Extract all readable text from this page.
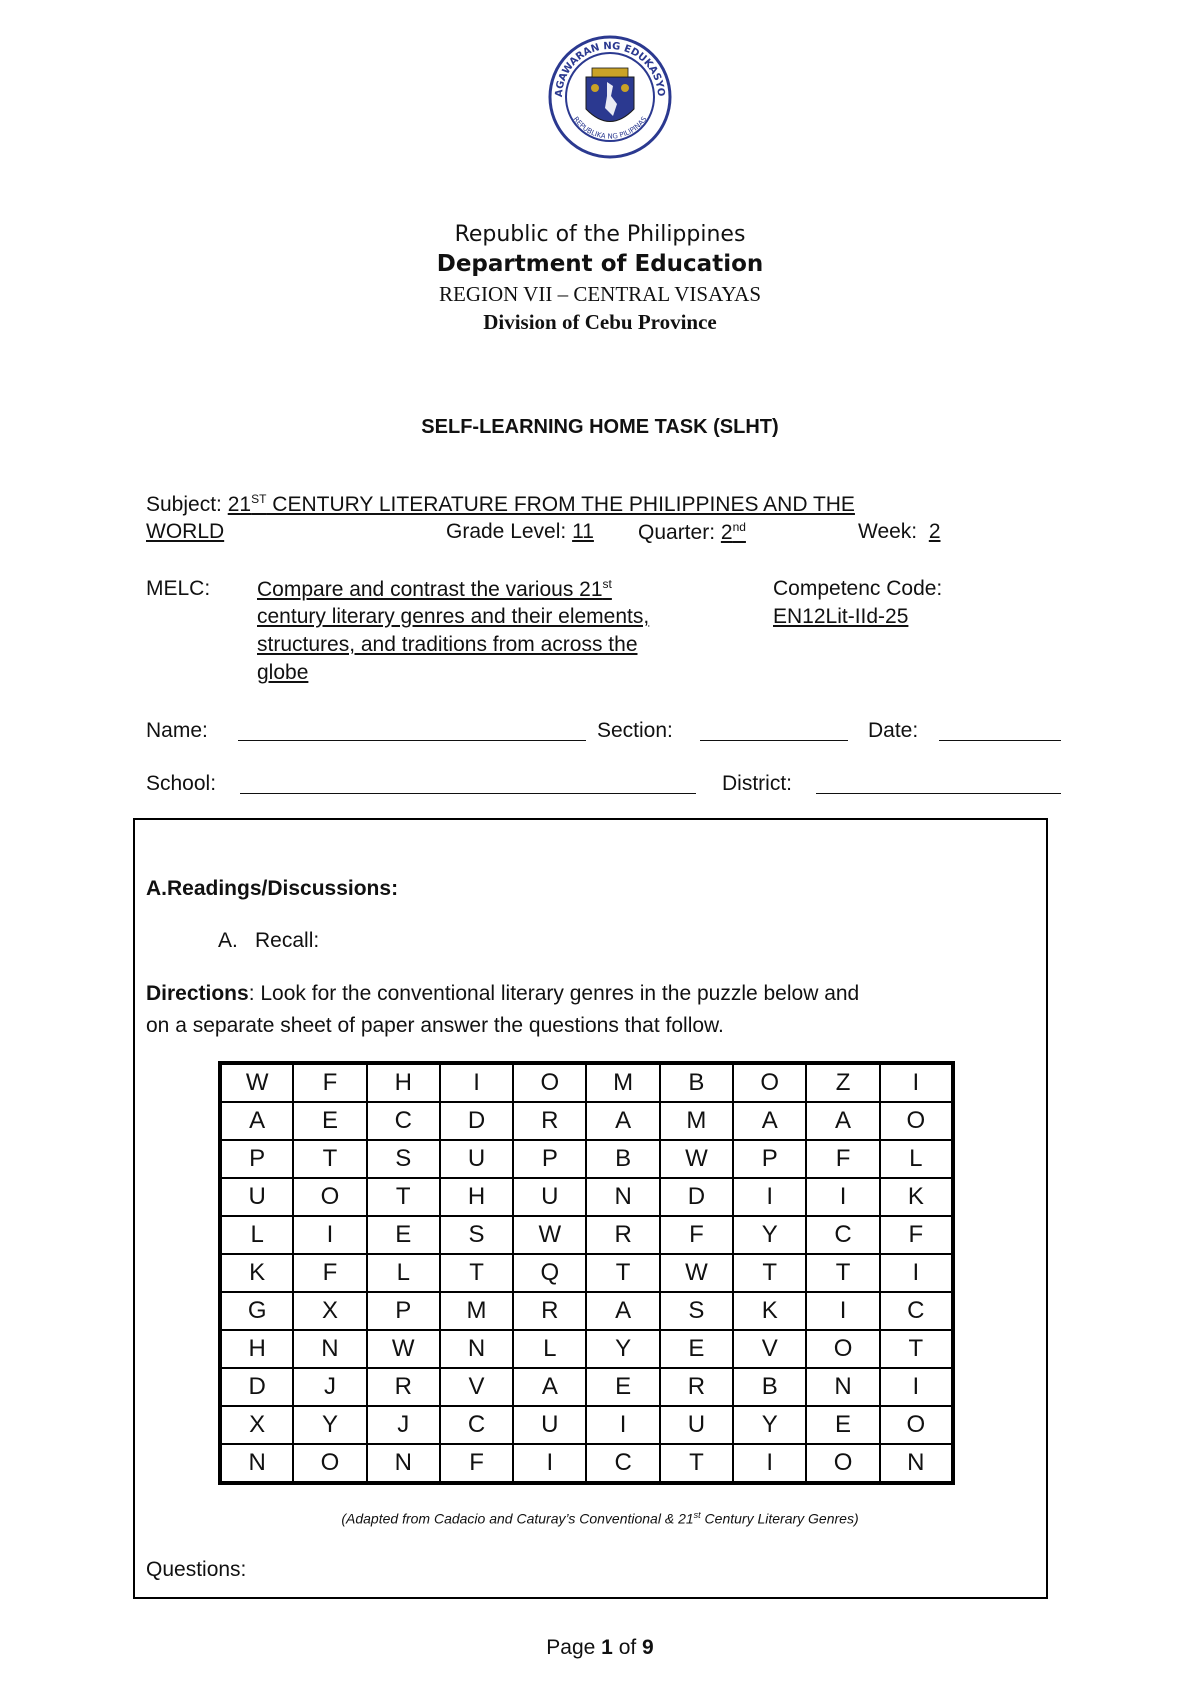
AGAWARAN NG EDUKASYO
REPUBLIKA NG PILIPINAS
Republic of the Philippines
Department of Education
REGION VII – CENTRAL VISAYAS
Division of Cebu Province
SELF-LEARNING HOME TASK (SLHT)
Subject: 21ST CENTURY LITERATURE FROM THE PHILIPPINES AND THE
WORLD	Grade Level: 11 Quarter: 2nd	Week: 2
MELC: Compare and contrast the various 21st
century literary genres and their elements,
structures, and traditions from across the
globe
Competenc Code:
EN12Lit-IId-25
Name:	Section:	Date:
School:	District:
A.Readings/Discussions:
A. Recall:
Directions: Look for the conventional literary genres in the puzzle below and
on a separate sheet of paper answer the questions that follow.
W	F	H	I	O	M	B	O	Z	I
A	E	C	D	R	A	M	A	A	O
P	T	S	U	P	B	W	P	F	L
U	O	T	H	U	N	D	I	I	K
L	I	E	S	W	R	F	Y	C	F
K	F	L	T	Q	T	W	T	T	I
G	X	P	M	R	A	S	K	I	C
H	N	W	N	L	Y	E	V	O	T
D	J	R	V	A	E	R	B	N	I
X	Y	J	C	U	I	U	Y	E	O
N	O	N	F	I	C	T	I	O	N
(Adapted from Cadacio and Caturay’s Conventional & 21st Century Literary Genres)
Questions:
Page 1 of 9
